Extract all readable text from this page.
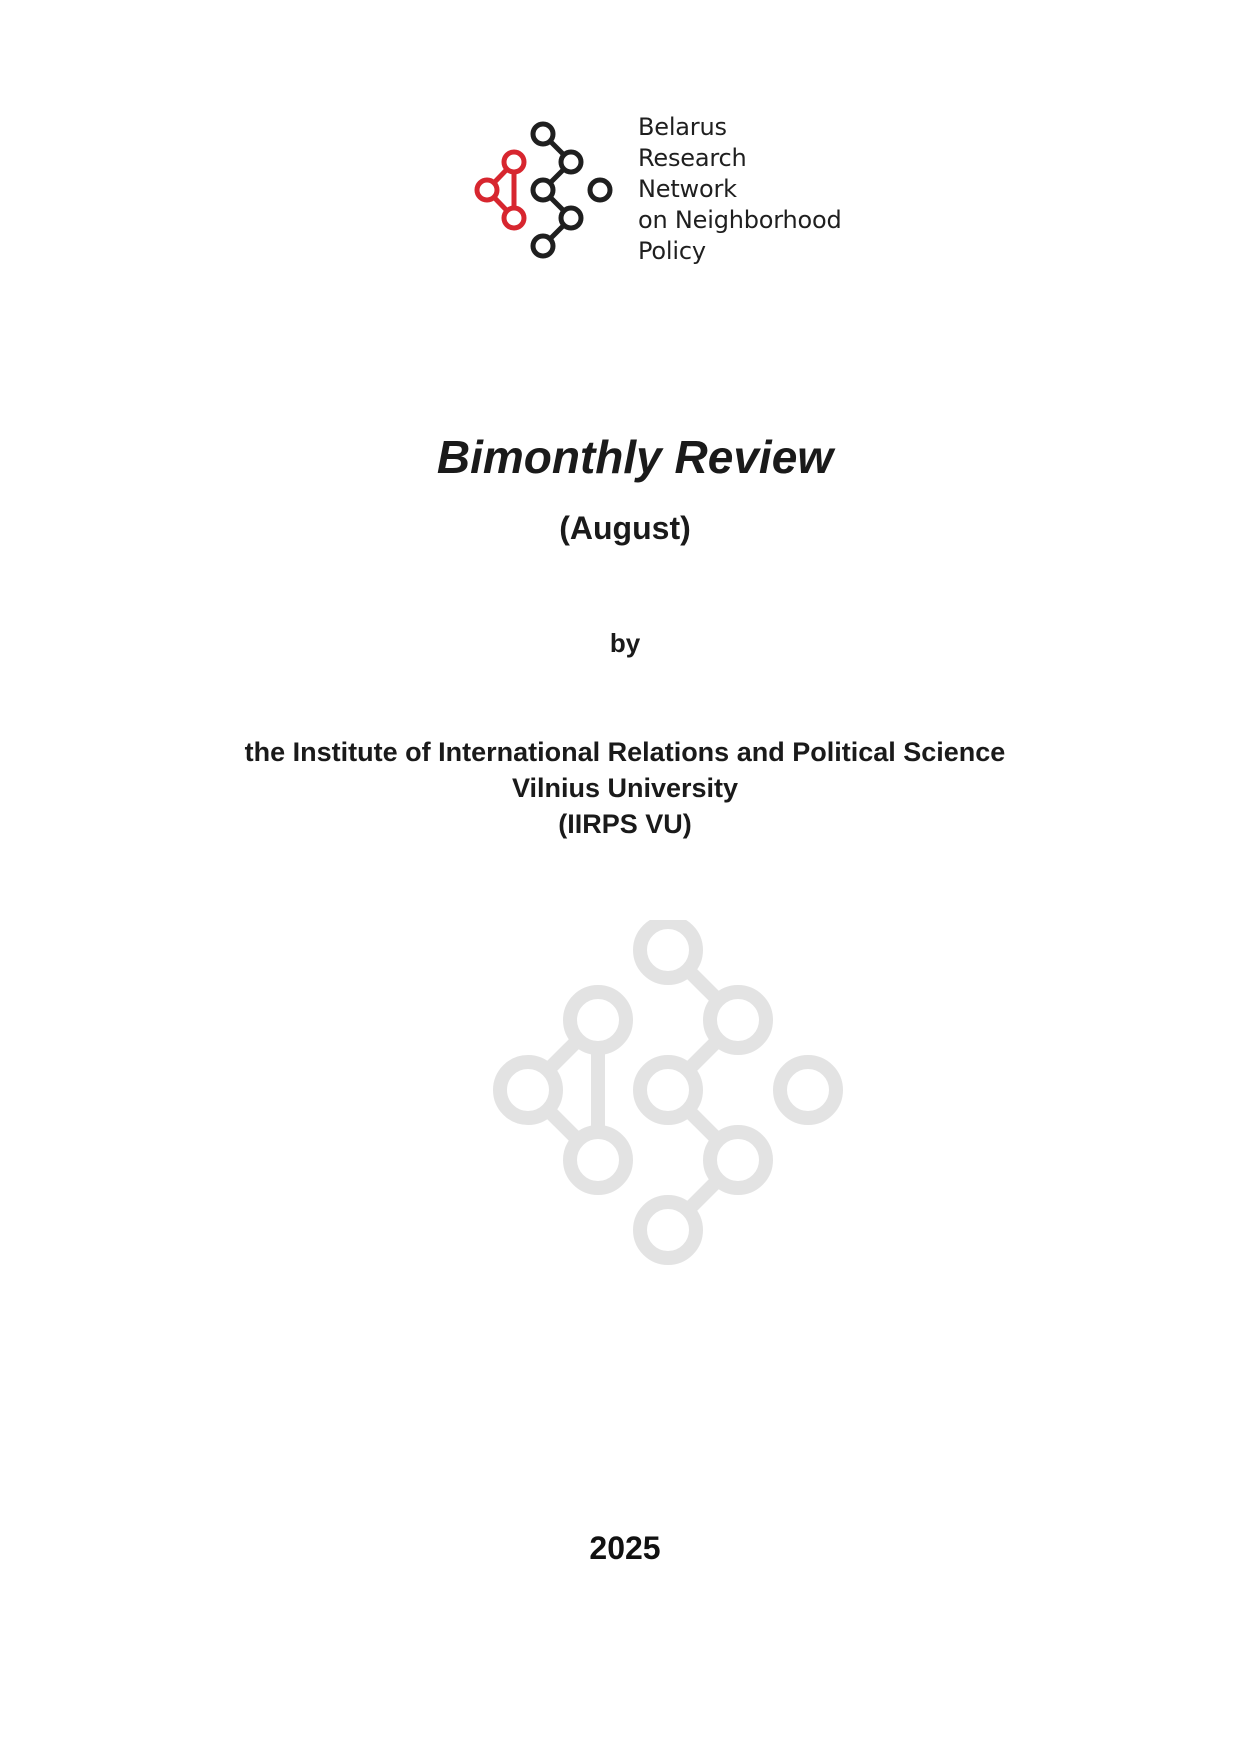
Belarus
Research
Network
on Neighborhood
Policy
Bimonthly Review
(August)
by
the Institute of International Relations and Political Science
Vilnius University
(IIRPS VU)
2025
